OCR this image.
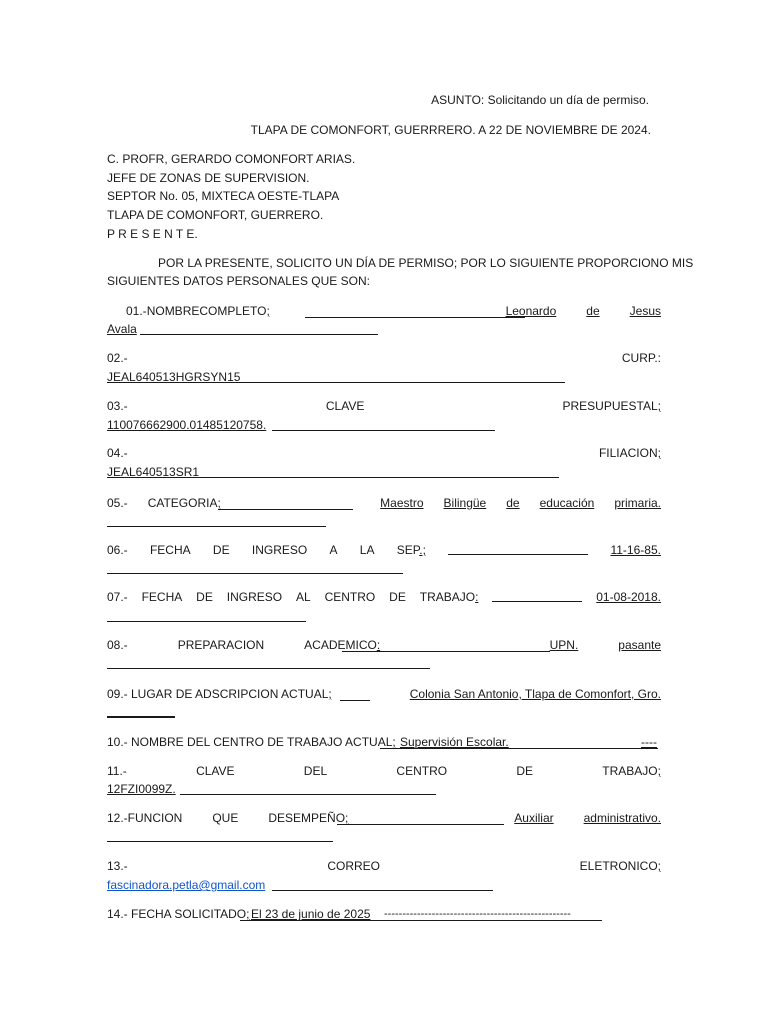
ASUNTO: Solicitando un día de permiso.
TLAPA DE COMONFORT, GUERRRERO. A 22 DE NOVIEMBRE DE 2024.
C. PROFR, GERARDO COMONFORT ARIAS.
JEFE DE ZONAS DE SUPERVISION.
SEPTOR No. 05, MIXTECA OESTE-TLAPA
TLAPA DE COMONFORT, GUERRERO.
P R E S E N T E.
POR LA PRESENTE, SOLICITO UN DÍA DE PERMISO; POR LO SIGUIENTE PROPORCIONO MIS
SIGUIENTES DATOS PERSONALES QUE SON:
01.- NOMBRE COMPLETO;	Leonardo	de	Jesus
Avala
02.-	CURP.:
JEAL640513HGRSYN15
03.-	CLAVE	PRESUPUESTAL;
110076662900.01485120758.
04.-	FILIACION;
JEAL640513SR1
05.- CATEGORIA;	Maestro Bilingüe de educación primaria.
06.- FECHA DE INGRESO A LA SEP.;	11-16-85.
07.- FECHA DE INGRESO AL CENTRO DE TRABAJO:	01-08-2018.
08.-	PREPARACION	ACADEMICO:	UPN.	pasante
09.- LUGAR DE ADSCRIPCION ACTUAL;	Colonia San Antonio, Tlapa de Comonfort, Gro.
10.- NOMBRE DEL CENTRO DE TRABAJO ACTUAL; Supervisión Escolar.	----
11.-	CLAVE	DEL	CENTRO	DE	TRABAJO;
12FZI0099Z.
12.-FUNCION	QUE	DESEMPEÑO;	Auxiliar	administrativo.
13.-	CORREO	ELETRONICO;
fascinadora.petla@gmail.com
14.- FECHA SOLICITADO; El 23 de junio de 2025 ---------------------------------------------------
